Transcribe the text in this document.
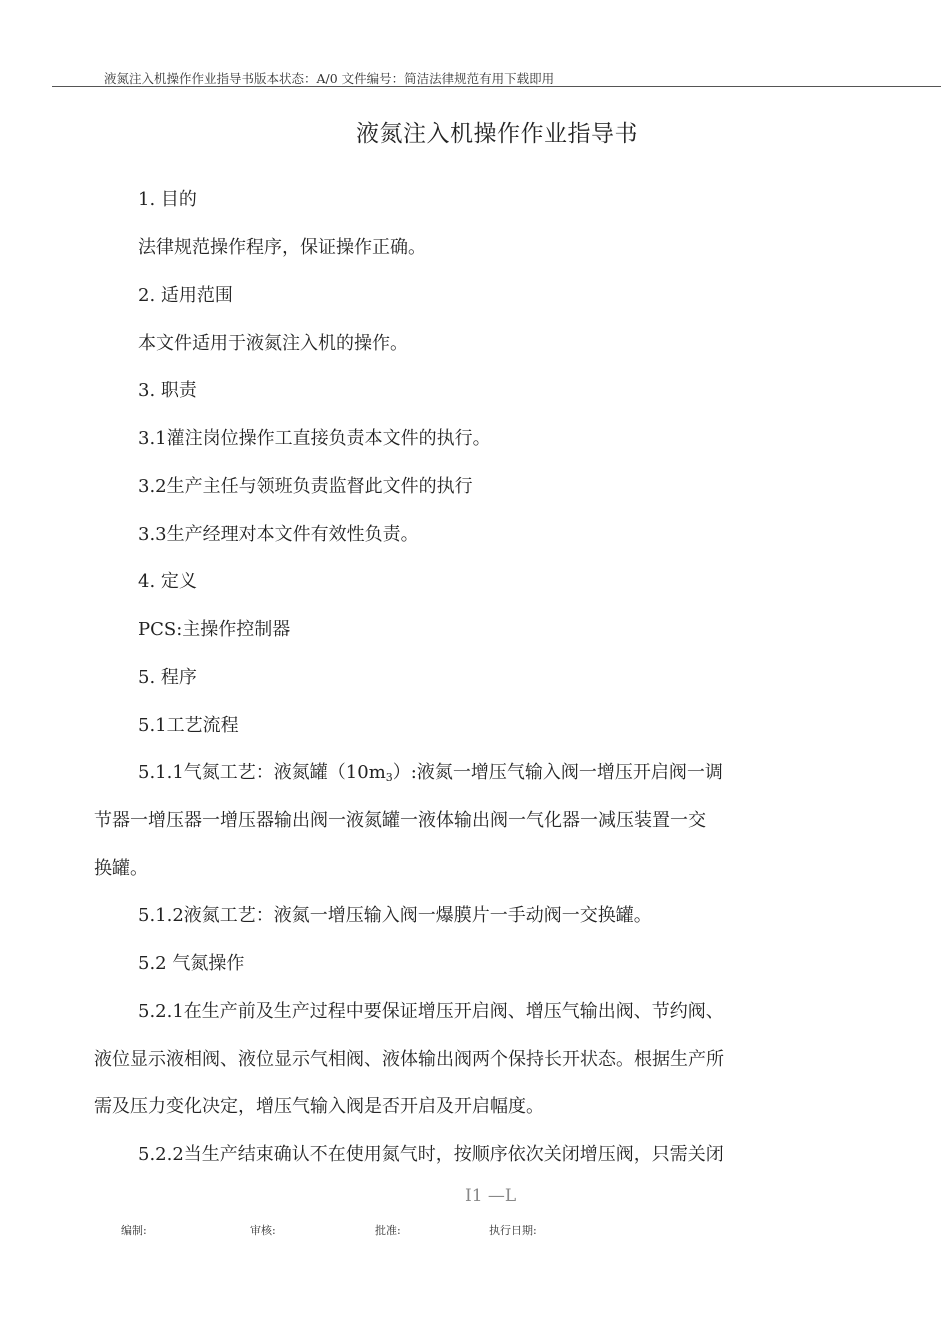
液氮注入机操作作业指导书版本状态：A/0 文件编号：简洁法律规范有用下载即用
液氮注入机操作作业指导书
1. 目的
法律规范操作程序，保证操作正确。
2. 适用范围
本文件适用于液氮注入机的操作。
3. 职责
3.1灌注岗位操作工直接负责本文件的执行。
3.2生产主任与领班负责监督此文件的执行
3.3生产经理对本文件有效性负责。
4. 定义
PCS:主操作控制器
5. 程序
5.1工艺流程
5.1.1气氮工艺：液氮罐$(10m_3)$:液氮一增压气输入阀一增压开启阀一调
节器一增压器一增压器输出阀一液氮罐一液体输出阀一气化器一减压装置一交
换罐。
5.1.2液氮工艺：液氮一增压输入阀一爆膜片一手动阀一交换罐。
5.2 气氮操作
5.2.1在生产前及生产过程中要保证增压开启阀、增压气输出阀、节约阀、
液位显示液相阀、液位显示气相阀、液体输出阀两个保持长开状态。根据生产所
需及压力变化决定，增压气输入阀是否开启及开启幅度。
5.2.2当生产结束确认不在使用氮气时，按顺序依次关闭增压阀，只需关闭
I1 —L
编制:	审核:	批准:	执行日期:
